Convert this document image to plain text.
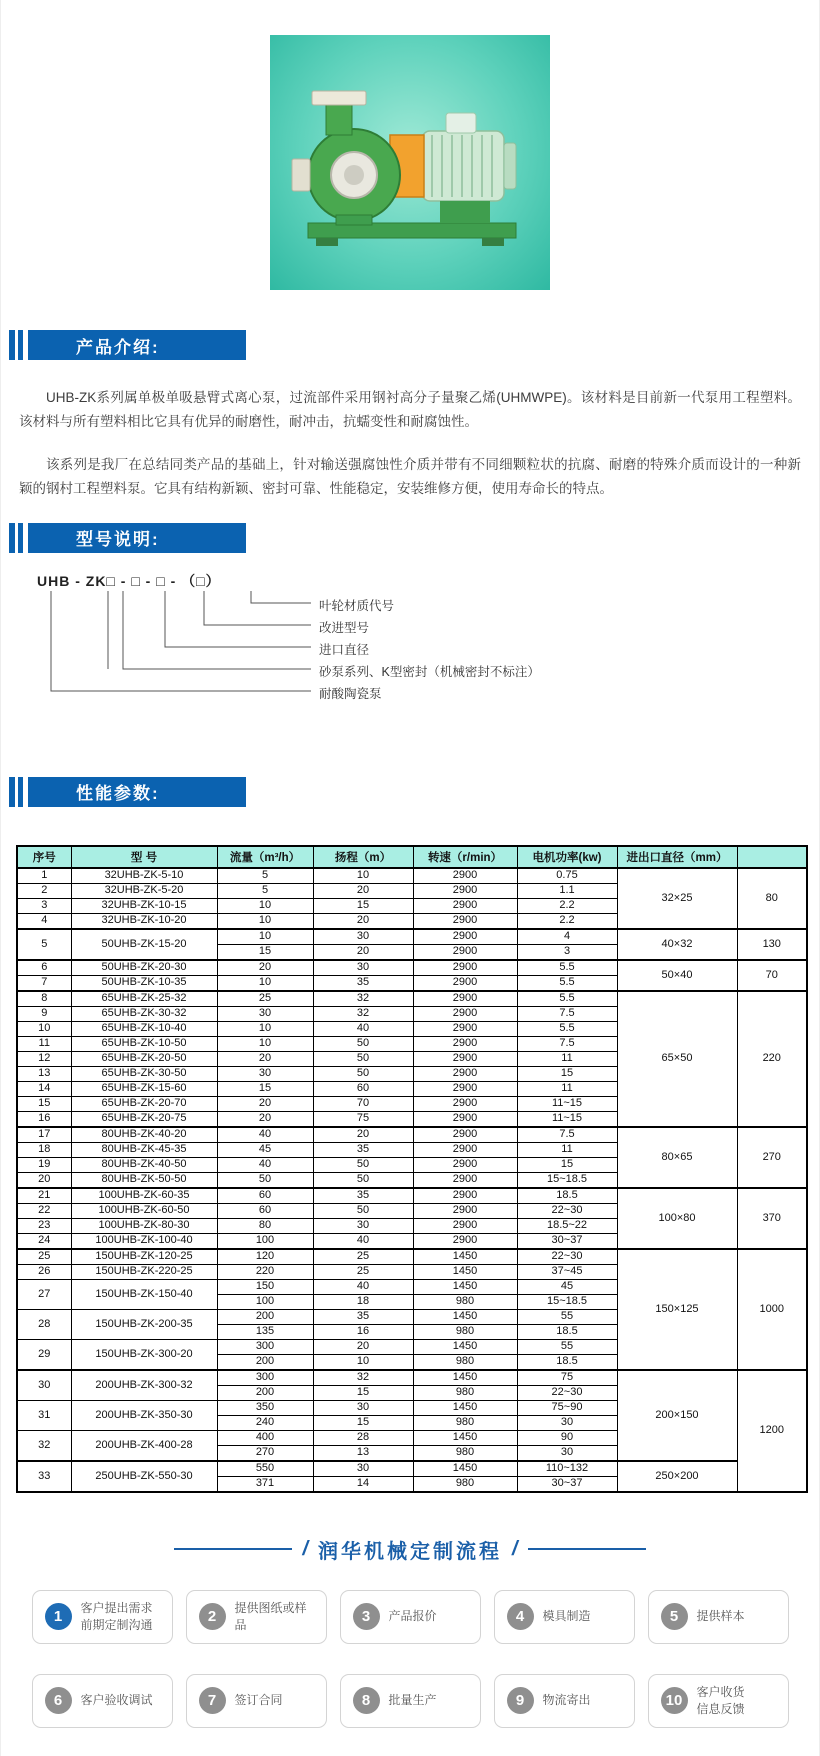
产品介绍:

UHB-ZK系列属单极单吸悬臂式离心泵，过流部件采用钢衬高分子量聚乙烯(UHMWPE)。该材料是目前新一代泵用工程塑料。该材料与所有塑料相比它具有优异的耐磨性，耐冲击，抗蠕变性和耐腐蚀性。

该系列是我厂在总结同类产品的基础上，针对输送强腐蚀性介质并带有不同细颗粒状的抗腐、耐磨的特殊介质而设计的一种新颖的钢村工程塑料泵。它具有结构新颖、密封可靠、性能稳定，安装维修方便，使用寿命长的特点。

型号说明:
UHB - ZK□ - □ - □ - （□）
叶轮材质代号
改进型号
进口直径
砂泵系列、K型密封（机械密封不标注）
耐酸陶瓷泵
性能参数:
序号	型 号	流量（m³/h）	扬程（m）	转速（r/min）	电机功率(kw)	进出口直径（mm）	
1	32UHB-ZK-5-10	5	10	2900	0.75	32×25	80
2	32UHB-ZK-5-20	5	20	2900	1.1		
3	32UHB-ZK-10-15	10	15	2900	2.2		
4	32UHB-ZK-10-20	10	20	2900	2.2		
5	50UHB-ZK-15-20	10	30	2900	4	40×32	130
		15	20	2900	3		
6	50UHB-ZK-20-30	20	30	2900	5.5	50×40	70
7	50UHB-ZK-10-35	10	35	2900	5.5		
8	65UHB-ZK-25-32	25	32	2900	5.5	65×50	220
9	65UHB-ZK-30-32	30	32	2900	7.5		
10	65UHB-ZK-10-40	10	40	2900	5.5		
11	65UHB-ZK-10-50	10	50	2900	7.5		
12	65UHB-ZK-20-50	20	50	2900	11		
13	65UHB-ZK-30-50	30	50	2900	15		
14	65UHB-ZK-15-60	15	60	2900	11		
15	65UHB-ZK-20-70	20	70	2900	11~15		
16	65UHB-ZK-20-75	20	75	2900	11~15		
17	80UHB-ZK-40-20	40	20	2900	7.5	80×65	270
18	80UHB-ZK-45-35	45	35	2900	11		
19	80UHB-ZK-40-50	40	50	2900	15		
20	80UHB-ZK-50-50	50	50	2900	15~18.5		
21	100UHB-ZK-60-35	60	35	2900	18.5	100×80	370
22	100UHB-ZK-60-50	60	50	2900	22~30		
23	100UHB-ZK-80-30	80	30	2900	18.5~22		
24	100UHB-ZK-100-40	100	40	2900	30~37		
25	150UHB-ZK-120-25	120	25	1450	22~30	150×125	1000
26	150UHB-ZK-220-25	220	25	1450	37~45		
27	150UHB-ZK-150-40	150	40	1450	45		
		100	18	980	15~18.5		
28	150UHB-ZK-200-35	200	35	1450	55		
		135	16	980	18.5		
29	150UHB-ZK-300-20	300	20	1450	55		
		200	10	980	18.5		
30	200UHB-ZK-300-32	300	32	1450	75	200×150	1200
		200	15	980	22~30		
31	200UHB-ZK-350-30	350	30	1450	75~90		
		240	15	980	30		
32	200UHB-ZK-400-28	400	28	1450	90		
		270	13	980	30		
33	250UHB-ZK-550-30	550	30	1450	110~132	250×200	
		371	14	980	30~37		
/ 润华机械定制流程 /
1	客户提出需求
前期定制沟通	2	提供图纸或样
品	3	产品报价	4	模具制造	5	提供样本
6	客户验收调试	7	签订合同	8	批量生产	9	物流寄出	10	客户收货
信息反馈
